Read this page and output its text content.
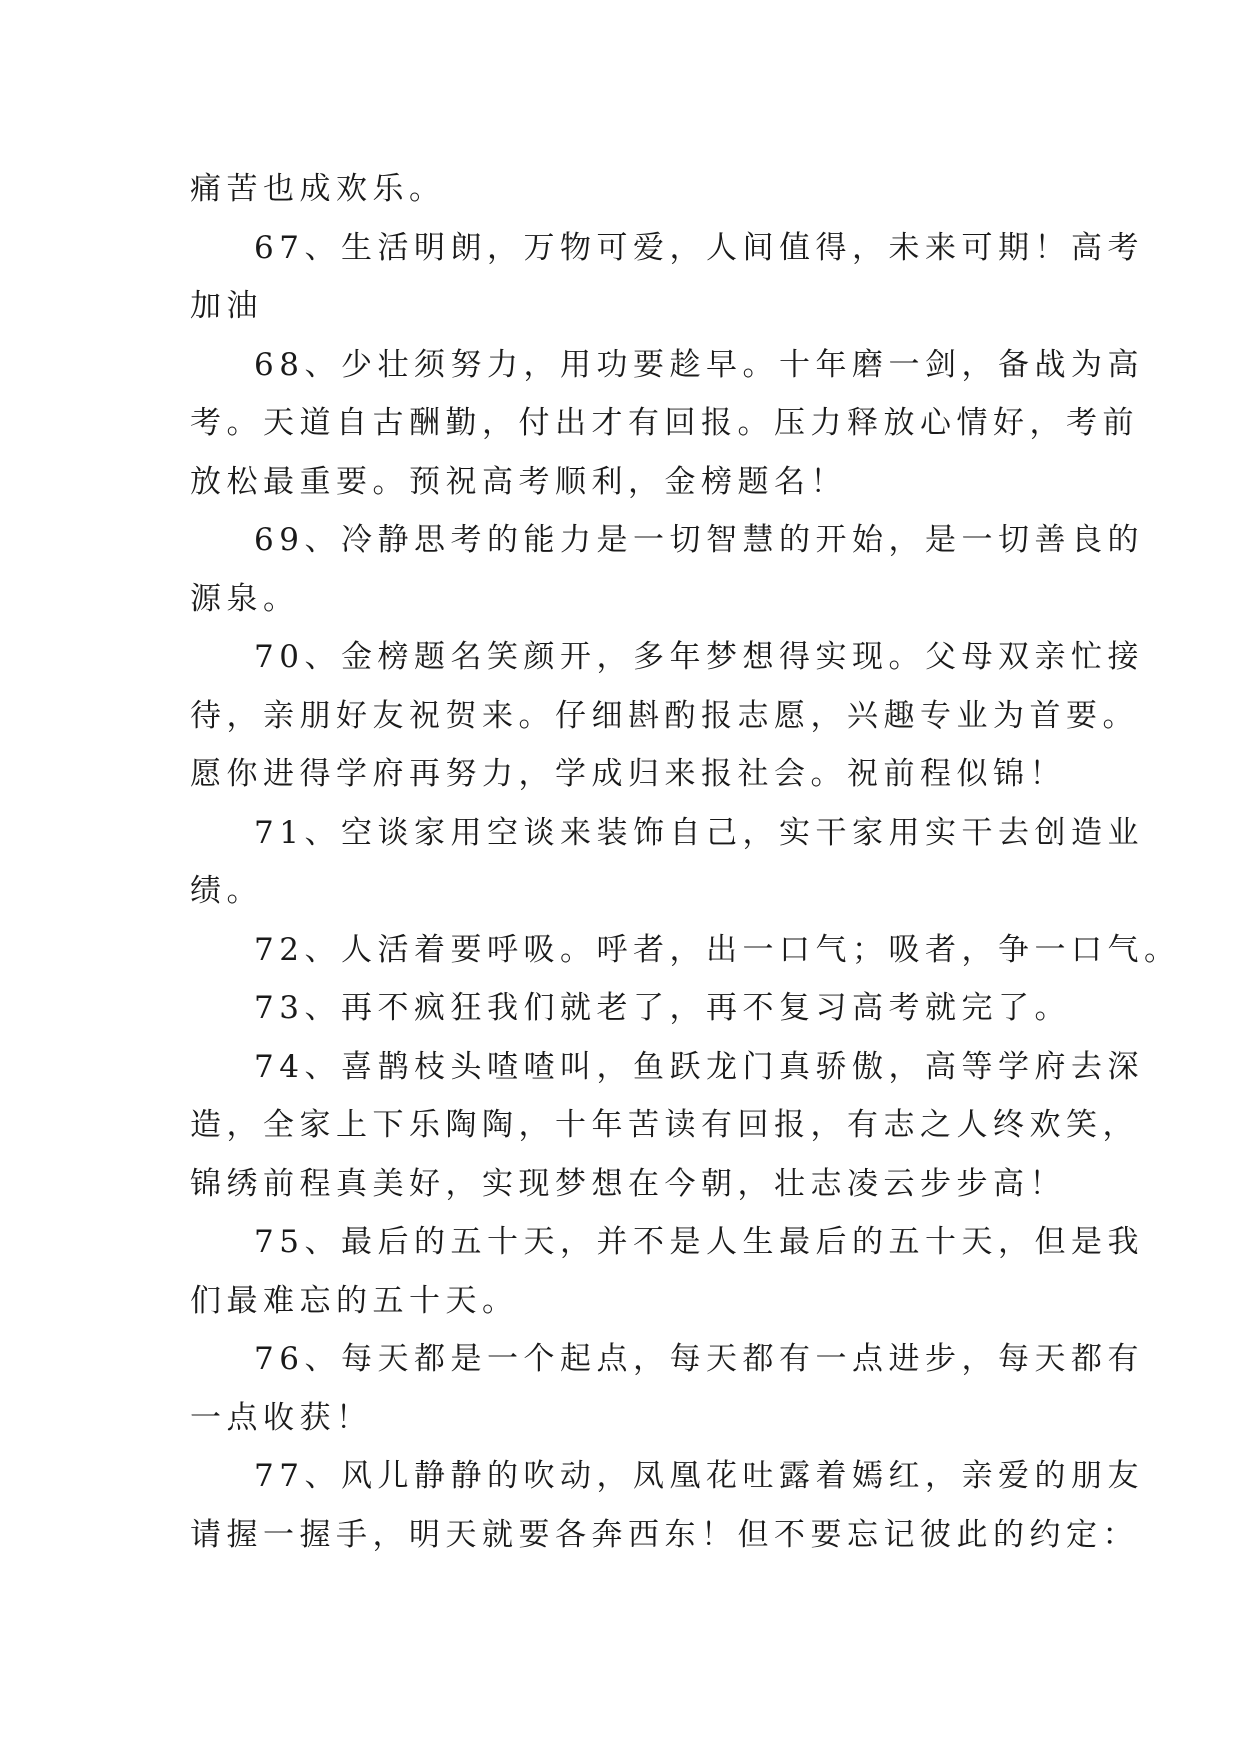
痛苦也成欢乐。
67、生活明朗，万物可爱，人间值得，未来可期！高考
加油
68、少壮须努力，用功要趁早。十年磨一剑，备战为高
考。天道自古酬勤，付出才有回报。压力释放心情好，考前
放松最重要。预祝高考顺利，金榜题名！
69、冷静思考的能力是一切智慧的开始，是一切善良的
源泉。
70、金榜题名笑颜开，多年梦想得实现。父母双亲忙接
待，亲朋好友祝贺来。仔细斟酌报志愿，兴趣专业为首要。
愿你进得学府再努力，学成归来报社会。祝前程似锦！
71、空谈家用空谈来装饰自己，实干家用实干去创造业
绩。
72、人活着要呼吸。呼者，出一口气；吸者，争一口气。
73、再不疯狂我们就老了，再不复习高考就完了。
74、喜鹊枝头喳喳叫，鱼跃龙门真骄傲，高等学府去深
造，全家上下乐陶陶，十年苦读有回报，有志之人终欢笑，
锦绣前程真美好，实现梦想在今朝，壮志凌云步步高！
75、最后的五十天，并不是人生最后的五十天，但是我
们最难忘的五十天。
76、每天都是一个起点，每天都有一点进步，每天都有
一点收获！
77、风儿静静的吹动，凤凰花吐露着嫣红，亲爱的朋友
请握一握手，明天就要各奔西东！但不要忘记彼此的约定：
